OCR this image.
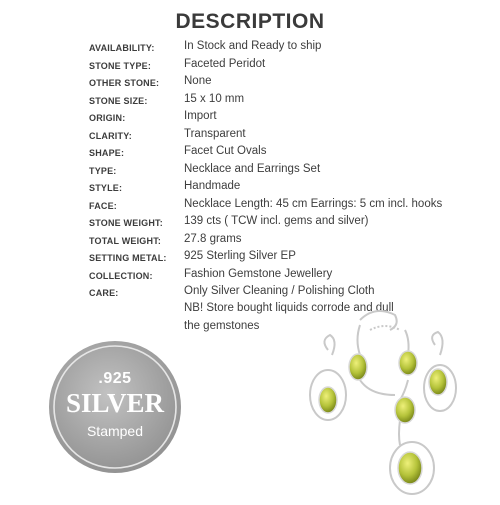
DESCRIPTION
AVAILABILITY:	In Stock and Ready to ship
STONE TYPE:	Faceted Peridot
OTHER STONE: None
STONE SIZE:	15 x 10 mm
ORIGIN:	Import
CLARITY:	Transparent
SHAPE:	Facet Cut Ovals
TYPE:	Necklace and Earrings Set
STYLE:	Handmade
FACE:	Necklace Length: 45 cm Earrings: 5 cm incl. hooks
STONE WEIGHT: 139 cts ( TCW incl. gems and silver)
TOTAL WEIGHT: 27.8 grams
SETTING METAL: 925 Sterling Silver EP
COLLECTION:	Fashion Gemstone Jewellery
CARE:	Only Silver Cleaning / Polishing Cloth
NB! Store bought liquids corrode and dull
the gemstones
.925
SILVER
Stamped
